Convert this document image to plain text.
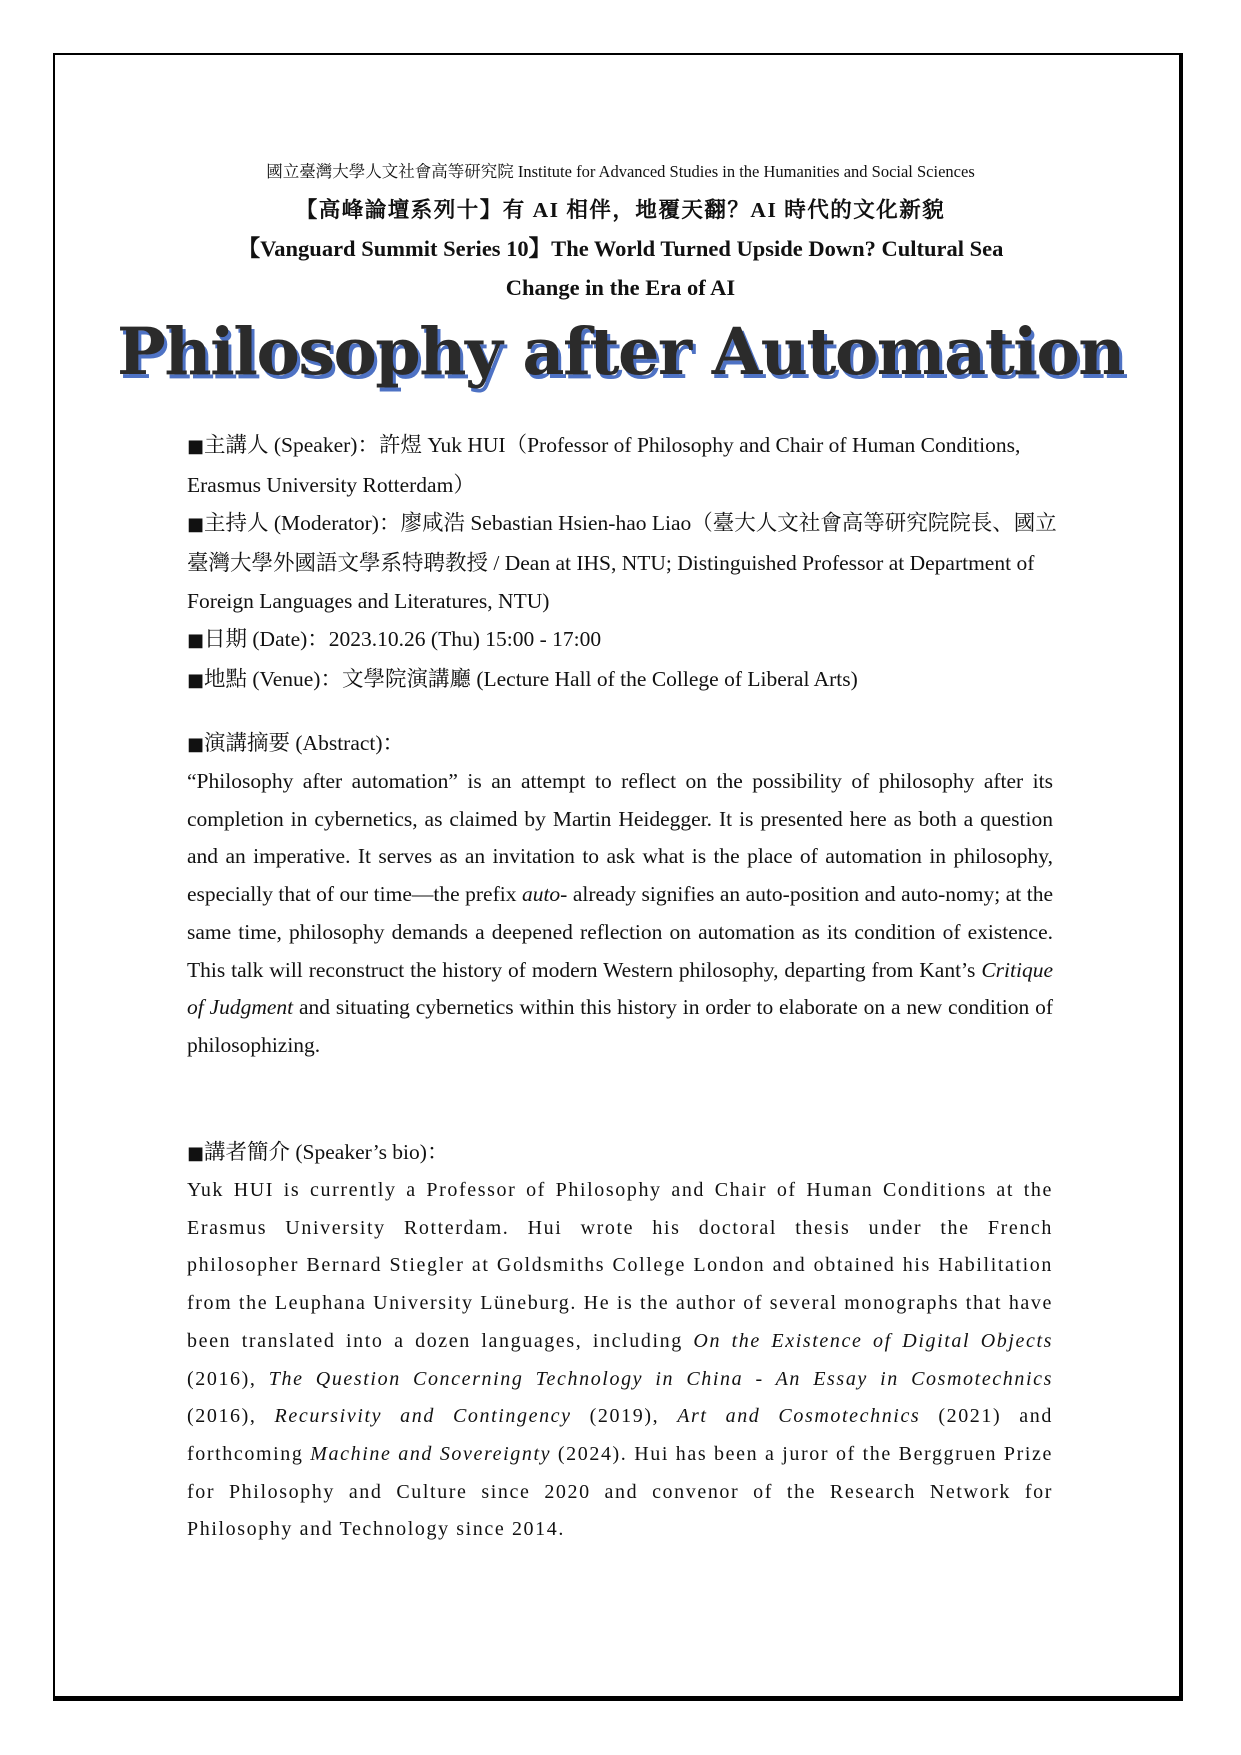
國立臺灣大學人文社會高等研究院 Institute for Advanced Studies in the Humanities and Social Sciences
【高峰論壇系列十】有 AI 相伴，地覆天翻？AI 時代的文化新貌
【Vanguard Summit Series 10】The World Turned Upside Down? Cultural Sea
Change in the Era of AI
Philosophy after Automation

■主講人 (Speaker)：許煜 Yuk HUI（Professor of Philosophy and Chair of Human Conditions, Erasmus University Rotterdam）

■主持人 (Moderator)：廖咸浩 Sebastian Hsien-hao Liao（臺大人文社會高等研究院院長、國立臺灣大學外國語文學系特聘教授 / Dean at IHS, NTU; Distinguished Professor at Department of Foreign Languages and Literatures, NTU)

■日期 (Date)：2023.10.26 (Thu) 15:00 - 17:00

■地點 (Venue)：文學院演講廳 (Lecture Hall of the College of Liberal Arts)

■演講摘要 (Abstract)：

“Philosophy after automation” is an attempt to reflect on the possibility of philosophy after its completion in cybernetics, as claimed by Martin Heidegger. It is presented here as both a question and an imperative. It serves as an invitation to ask what is the place of automation in philosophy, especially that of our time—the prefix auto- already signifies an auto-position and auto-nomy; at the same time, philosophy demands a deepened reflection on automation as its condition of existence. This talk will reconstruct the history of modern Western philosophy, departing from Kant’s Critique of Judgment and situating cybernetics within this history in order to elaborate on a new condition of philosophizing.

■講者簡介 (Speaker’s bio)：

Yuk HUI is currently a Professor of Philosophy and Chair of Human Conditions at the Erasmus University Rotterdam. Hui wrote his doctoral thesis under the French philosopher Bernard Stiegler at Goldsmiths College London and obtained his Habilitation from the Leuphana University Lüneburg. He is the author of several monographs that have been translated into a dozen languages, including On the Existence of Digital Objects (2016), The Question Concerning Technology in China - An Essay in Cosmotechnics (2016), Recursivity and Contingency (2019), Art and Cosmotechnics (2021) and forthcoming Machine and Sovereignty (2024). Hui has been a juror of the Berggruen Prize for Philosophy and Culture since 2020 and convenor of the Research Network for Philosophy and Technology since 2014.
